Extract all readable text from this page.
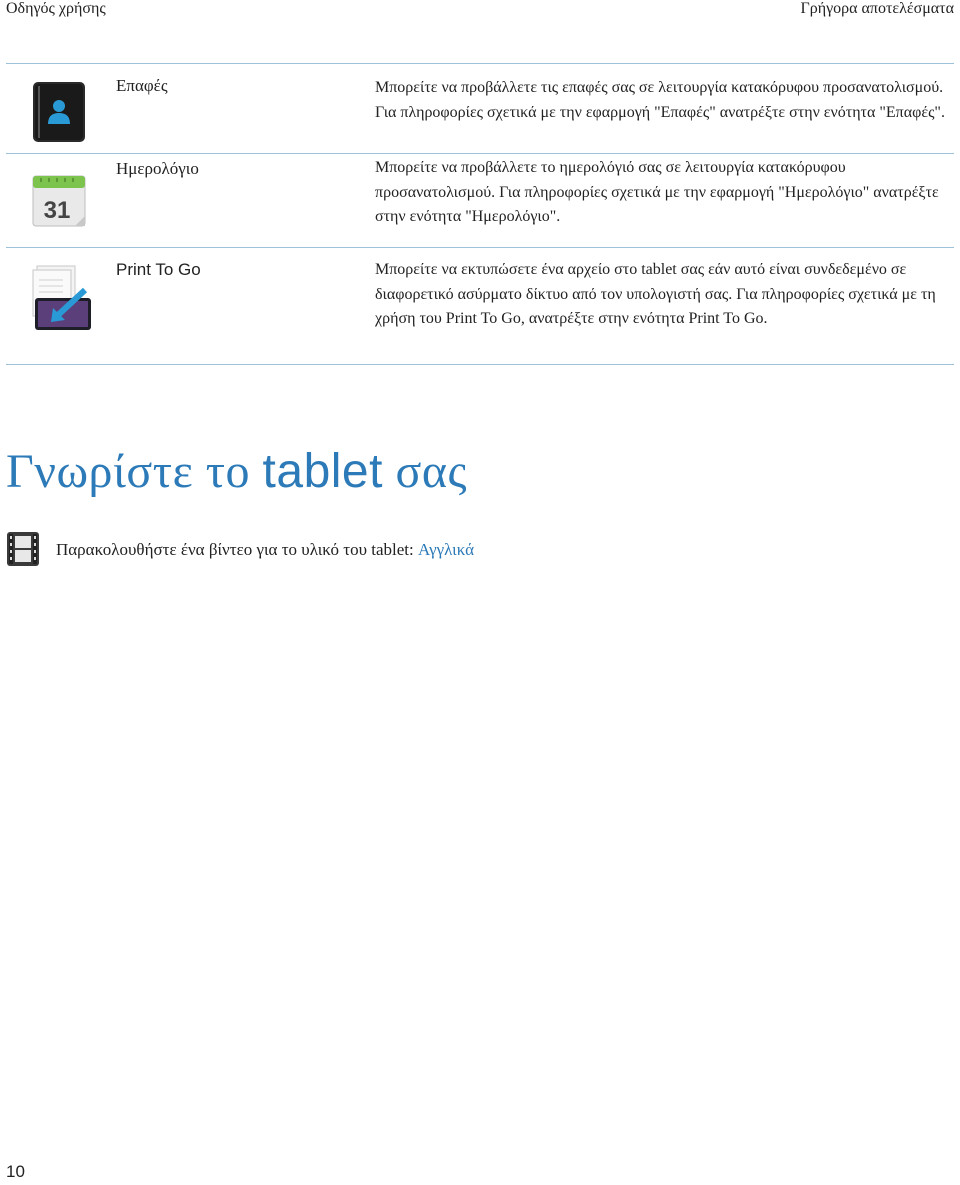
Οδηγός χρήσης	Γρήγορα αποτελέσματα
Επαφές	Μπορείτε να προβάλλετε τις επαφές σας σε λειτουργία κατακόρυφου προσανατολισμού. Για πληροφορίες σχετικά με την εφαρμογή "Επαφές" ανατρέξτε στην ενότητα "Επαφές".
31
Ημερολόγιο	Μπορείτε να προβάλλετε το ημερολόγιό σας σε λειτουργία κατακόρυφου προσανατολισμού. Για πληροφορίες σχετικά με την εφαρμογή "Ημερολόγιο" ανατρέξτε στην ενότητα "Ημερολόγιο".
Print To Go	Μπορείτε να εκτυπώσετε ένα αρχείο στο tablet σας εάν αυτό είναι συνδεδεμένο σε διαφορετικό ασύρματο δίκτυο από τον υπολογιστή σας. Για πληροφορίες σχετικά με τη χρήση του Print To Go, ανατρέξτε στην ενότητα Print To Go.
Γνωρίστε το tablet σας
Παρακολουθήστε ένα βίντεο για το υλικό του tablet: Αγγλικά
10
